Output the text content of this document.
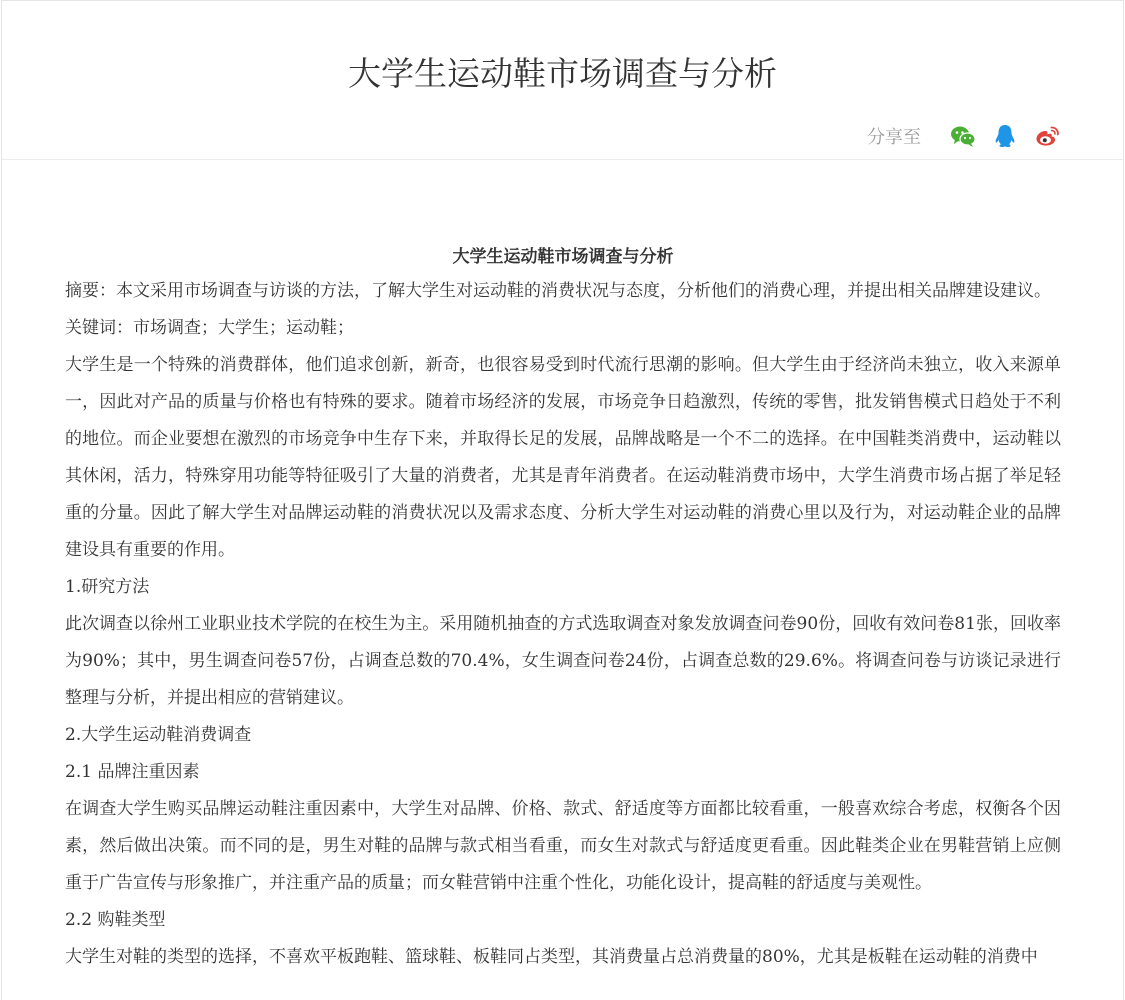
大学生运动鞋市场调查与分析
分享至
大学生运动鞋市场调查与分析

摘要：本文采用市场调查与访谈的方法，了解大学生对运动鞋的消费状况与态度，分析他们的消费心理，并提出相关品牌建设建议。

关键词：市场调查；大学生；运动鞋；

大学生是一个特殊的消费群体，他们追求创新，新奇，也很容易受到时代流行思潮的影响。但大学生由于经济尚未独立，收入来源单一，因此对产品的质量与价格也有特殊的要求。随着市场经济的发展，市场竞争日趋激烈，传统的零售，批发销售模式日趋处于不利的地位。而企业要想在激烈的市场竞争中生存下来，并取得长足的发展，品牌战略是一个不二的选择。在中国鞋类消费中，运动鞋以其休闲，活力，特殊穿用功能等特征吸引了大量的消费者，尤其是青年消费者。在运动鞋消费市场中，大学生消费市场占据了举足轻重的分量。因此了解大学生对品牌运动鞋的消费状况以及需求态度、分析大学生对运动鞋的消费心里以及行为，对运动鞋企业的品牌建设具有重要的作用。

1.研究方法

此次调查以徐州工业职业技术学院的在校生为主。采用随机抽查的方式选取调查对象发放调查问卷90份，回收有效问卷81张，回收率为90%；其中，男生调查问卷57份，占调查总数的70.4%，女生调查问卷24份，占调查总数的29.6%。将调查问卷与访谈记录进行整理与分析，并提出相应的营销建议。

2.大学生运动鞋消费调查

2.1 品牌注重因素

在调查大学生购买品牌运动鞋注重因素中，大学生对品牌、价格、款式、舒适度等方面都比较看重，一般喜欢综合考虑，权衡各个因素，然后做出决策。而不同的是，男生对鞋的品牌与款式相当看重，而女生对款式与舒适度更看重。因此鞋类企业在男鞋营销上应侧重于广告宣传与形象推广，并注重产品的质量；而女鞋营销中注重个性化，功能化设计，提高鞋的舒适度与美观性。

2.2 购鞋类型

大学生对鞋的类型的选择，不喜欢平板跑鞋、篮球鞋、板鞋同占类型，其消费量占总消费量的80%，尤其是板鞋在运动鞋的消费中
